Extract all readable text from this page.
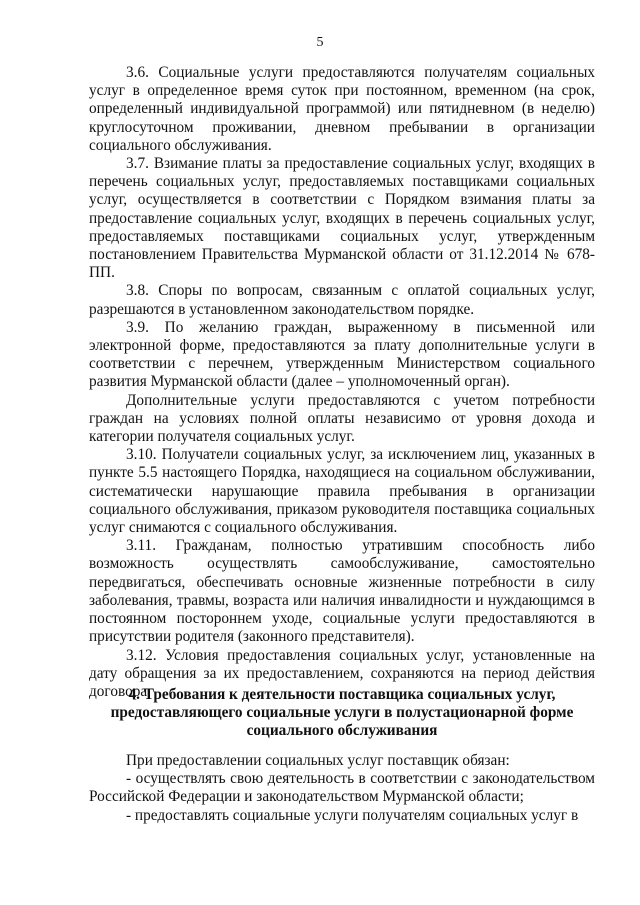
5

3.6. Социальные услуги предоставляются получателям социальных услуг в определенное время суток при постоянном, временном (на срок, определенный индивидуальной программой) или пятидневном (в неделю) круглосуточном проживании, дневном пребывании в организации социального обслуживания.

3.7. Взимание платы за предоставление социальных услуг, входящих в перечень социальных услуг, предоставляемых поставщиками социальных услуг, осуществляется в соответствии с Порядком взимания платы за предоставление социальных услуг, входящих в перечень социальных услуг, предоставляемых поставщиками социальных услуг, утвержденным постановлением Правительства Мурманской области от 31.12.2014 № 678-ПП.

3.8. Споры по вопросам, связанным с оплатой социальных услуг, разрешаются в установленном законодательством порядке.

3.9. По желанию граждан, выраженному в письменной или электронной форме, предоставляются за плату дополнительные услуги в соответствии с перечнем, утвержденным Министерством социального развития Мурманской области (далее – уполномоченный орган).

Дополнительные услуги предоставляются с учетом потребности граждан на условиях полной оплаты независимо от уровня дохода и категории получателя социальных услуг.

3.10. Получатели социальных услуг, за исключением лиц, указанных в пункте 5.5 настоящего Порядка, находящиеся на социальном обслуживании, систематически нарушающие правила пребывания в организации социального обслуживания, приказом руководителя поставщика социальных услуг снимаются с социального обслуживания.

3.11. Гражданам, полностью утратившим способность либо возможность осуществлять самообслуживание, самостоятельно передвигаться, обеспечивать основные жизненные потребности в силу заболевания, травмы, возраста или наличия инвалидности и нуждающимся в постоянном постороннем уходе, социальные услуги предоставляются в присутствии родителя (законного представителя).

3.12. Условия предоставления социальных услуг, установленные на дату обращения за их предоставлением, сохраняются на период действия договора.

4. Требования к деятельности поставщика социальных услуг, предоставляющего социальные услуги в полустационарной форме социального обслуживания

При предоставлении социальных услуг поставщик обязан:

- осуществлять свою деятельность в соответствии с законодательством Российской Федерации и законодательством Мурманской области;

- предоставлять социальные услуги получателям социальных услуг в
